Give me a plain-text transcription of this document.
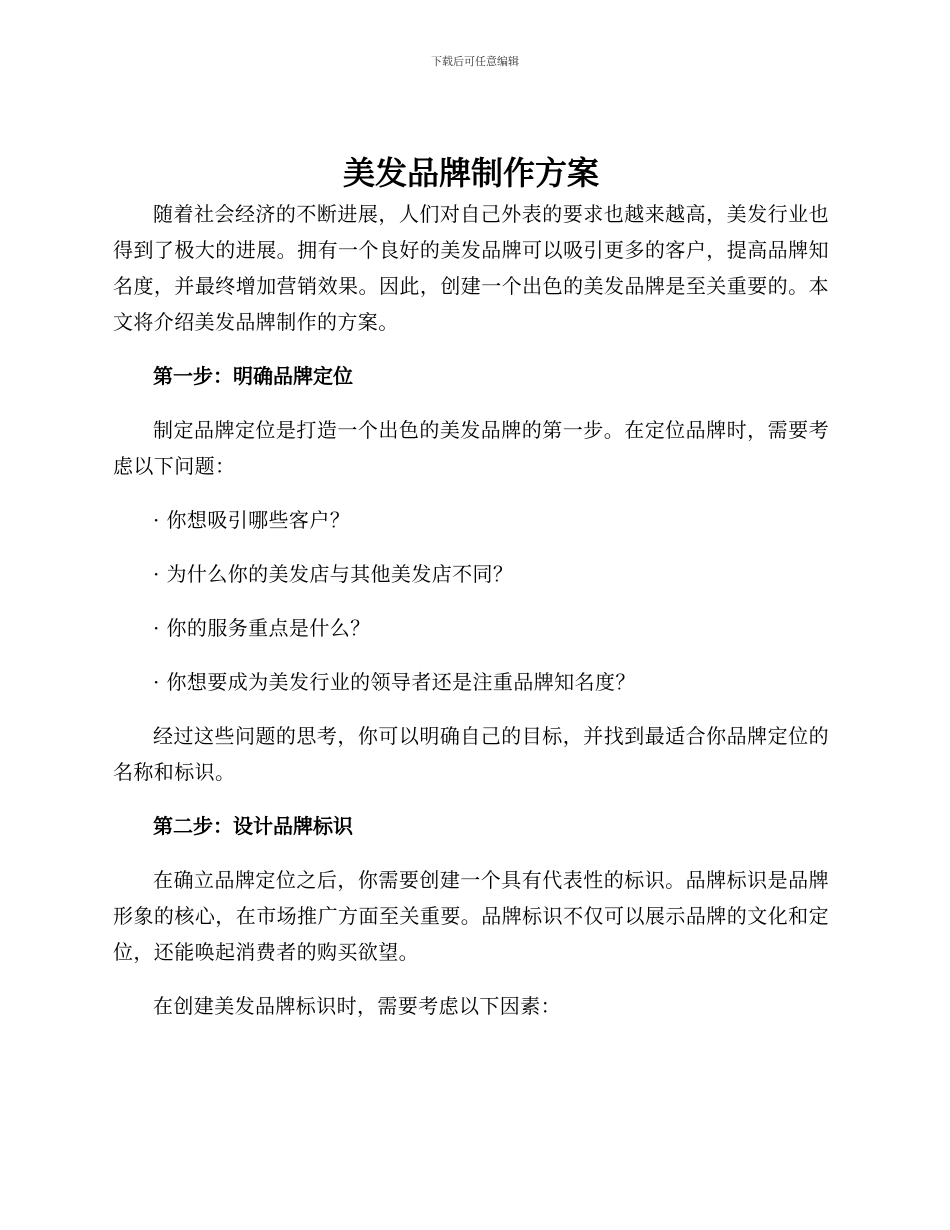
下载后可任意编辑
美发品牌制作方案

随着社会经济的不断进展，人们对自己外表的要求也越来越高，美发行业也得到了极大的进展。拥有一个良好的美发品牌可以吸引更多的客户，提高品牌知名度，并最终增加营销效果。因此，创建一个出色的美发品牌是至关重要的。本文将介绍美发品牌制作的方案。

第一步：明确品牌定位

制定品牌定位是打造一个出色的美发品牌的第一步。在定位品牌时，需要考虑以下问题：

· 你想吸引哪些客户？

· 为什么你的美发店与其他美发店不同？

· 你的服务重点是什么？

· 你想要成为美发行业的领导者还是注重品牌知名度？

经过这些问题的思考，你可以明确自己的目标，并找到最适合你品牌定位的名称和标识。

第二步：设计品牌标识

在确立品牌定位之后，你需要创建一个具有代表性的标识。品牌标识是品牌形象的核心，在市场推广方面至关重要。品牌标识不仅可以展示品牌的文化和定位，还能唤起消费者的购买欲望。

在创建美发品牌标识时，需要考虑以下因素：
